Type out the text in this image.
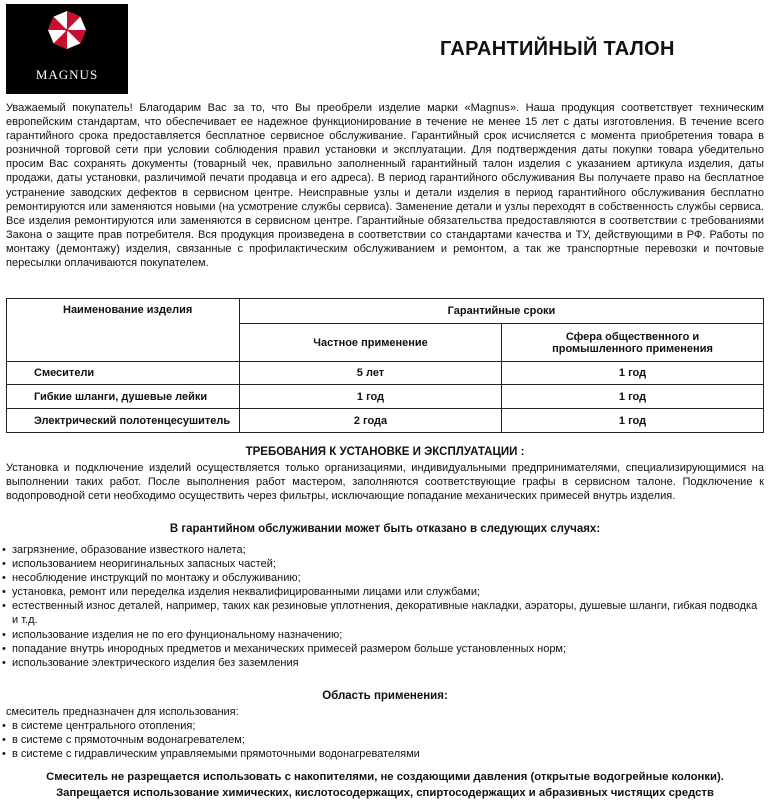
MAGNUS
ГАРАНТИЙНЫЙ ТАЛОН

Уважаемый покупатель! Благодарим Вас за то, что Вы преобрели изделие марки «Magnus». Наша продукция соответствует техническим европейским стандартам, что обеспечивает ее надежное функционирование в течение не менее 15 лет с даты изготовления. В течение всего гарантийного срока предоставляется бесплатное сервисное обслуживание. Гарантийный срок исчисляется с момента приобретения товара в розничной торговой сети при условии соблюдения правил установки и эксплуатации. Для подтверждения даты покупки товара убедительно просим Вас сохранять документы (товарный чек, правильно заполненный гарантийный талон изделия с указанием артикула изделия, даты продажи, даты установки, различимой печати продавца и его адреса). В период гарантийного обслуживания Вы получаете право на бесплатное устранение заводских дефектов в сервисном центре. Неисправные узлы и детали изделия в период гарантийного обслуживания бесплатно ремонтируются или заменяются новыми (на усмотрение службы сервиса). Заменение детали и узлы переходят в собственность службы сервиса. Все изделия ремонтируются или заменяются в сервисном центре. Гарантийные обязательства предоставляются в соответствии с требованиями Закона о защите прав потребителя. Вся продукция произведена в соответствии со стандартами качества и ТУ, действующими в РФ. Работы по монтажу (демонтажу) изделия, связанные с профилактическим обслуживанием и ремонтом, а так же транспортные перевозки и почтовые пересылки оплачиваются покупателем.

Наименование изделия	Гарантийные сроки	
	Частное применение	Сфера общественного и
промышленного применения
Смесители	5 лет	1 год
Гибкие шланги, душевые лейки	1 год	1 год
Электрический полотенцесушитель	2 года	1 год
ТРЕБОВАНИЯ К УСТАНОВКЕ И ЭКСПЛУАТАЦИИ :

Установка и подключение изделий осуществляется только организациями, индивидуальными предпринимателями, специализирующимися на выполнении таких работ. После выполнения работ мастером, заполняются соответствующие графы в сервисном талоне. Подключение к водопроводной сети необходимо осуществить через фильтры, исключающие попадание механических примесей внутрь изделия.

В гарантийном обслуживании может быть отказано в следующих случаях:
• загрязнение, образование известкого налета;
• использованием неоригинальных запасных частей;
• несоблюдение инструкций по монтажу и обслуживанию;
• установка, ремонт или переделка изделия неквалифицированными лицами или службами;
• естественный износ деталей, например, таких как резиновые уплотнения, декоративные накладки, аэраторы, душевые шланги, гибкая подводка и т.д.
• использование изделия не по его фунциональному назначению;
• попадание внутрь инородных предметов и механических примесей размером больше установленных норм;
• использование электрического изделия без заземления
Область применения:
смеситель предназначен для использования:
• в системе центрального отопления;
• в системе с прямоточным водонагревателем;
• в системе с гидравлическим управляемыми прямоточными водонагревателями
Смеситель не разрещается использовать с накопителями, не создающими давления (открытые водогрейные колонки).
Запрещается использование химических, кислотосодержащих, спиртосодержащих и абразивных чистящих средств
